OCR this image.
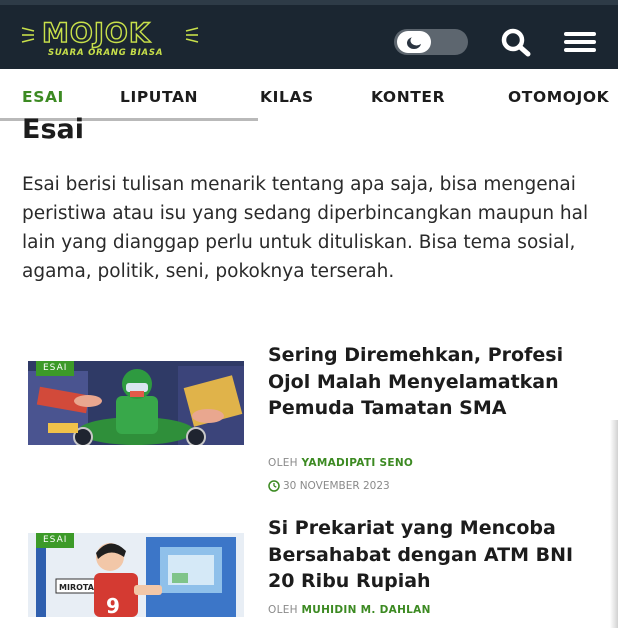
MOJOK
SUARA ORANG BIASA
ESAI	LIPUTAN	KILAS	KONTER	OTOMOJOK
Esai

Esai berisi tulisan menarik tentang apa saja, bisa mengenai peristiwa atau isu yang sedang diperbincangkan maupun hal lain yang dianggap perlu untuk dituliskan. Bisa tema sosial, agama, politik, seni, pokoknya terserah.

ESAI
Sering Diremehkan, Profesi Ojol Malah Menyelamatkan Pemuda Tamatan SMA
OLEH YAMADIPATI SENO
30 NOVEMBER 2023
MIROTA
9
ESAI
Si Prekariat yang Mencoba Bersahabat dengan ATM BNI 20 Ribu Rupiah
OLEH MUHIDIN M. DAHLAN
